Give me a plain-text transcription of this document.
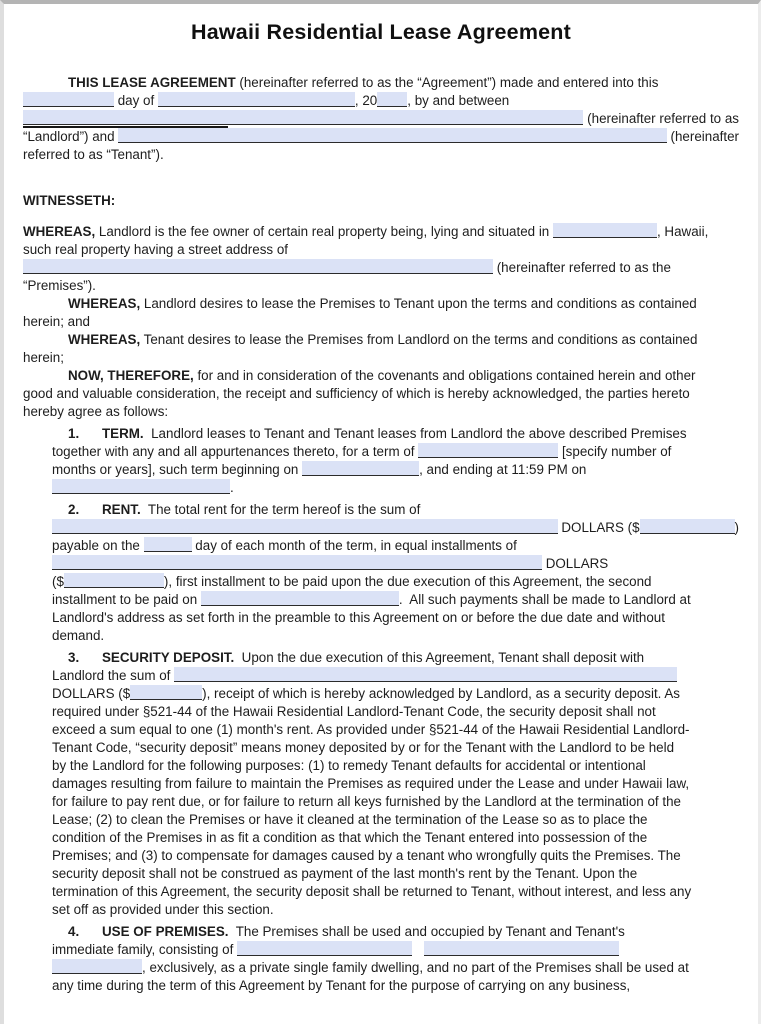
Hawaii Residential Lease Agreement
THIS LEASE AGREEMENT (hereinafter referred to as the “Agreement”) made and entered into this
day of	, 20 , by and between
(hereinafter referred to as
“Landlord”) and	(hereinafter
referred to as “Tenant”).
WITNESSETH:
WHEREAS, Landlord is the fee owner of certain real property being, lying and situated in	, Hawaii,
such real property having a street address of
(hereinafter referred to as the
“Premises”).
WHEREAS, Landlord desires to lease the Premises to Tenant upon the terms and conditions as contained
herein; and
WHEREAS, Tenant desires to lease the Premises from Landlord on the terms and conditions as contained
herein;
NOW, THEREFORE, for and in consideration of the covenants and obligations contained herein and other
good and valuable consideration, the receipt and sufficiency of which is hereby acknowledged, the parties hereto
hereby agree as follows:
1.	TERM. Landlord leases to Tenant and Tenant leases from Landlord the above described Premises
together with any and all appurtenances thereto, for a term of	[specify number of
months or years], such term beginning on	, and ending at 11:59 PM on
.
2.	RENT. The total rent for the term hereof is the sum of
DOLLARS ($	)
payable on the	day of each month of the term, in equal installments of
DOLLARS
($	), first installment to be paid upon the due execution of this Agreement, the second
installment to be paid on	.  All such payments shall be made to Landlord at
Landlord's address as set forth in the preamble to this Agreement on or before the due date and without
demand.
3.	SECURITY DEPOSIT. Upon the due execution of this Agreement, Tenant shall deposit with
Landlord the sum of
DOLLARS ($	), receipt of which is hereby acknowledged by Landlord, as a security deposit. As
required under §521-44 of the Hawaii Residential Landlord-Tenant Code, the security deposit shall not
exceed a sum equal to one (1) month's rent. As provided under §521-44 of the Hawaii Residential Landlord-
Tenant Code, “security deposit” means money deposited by or for the Tenant with the Landlord to be held
by the Landlord for the following purposes: (1) to remedy Tenant defaults for accidental or intentional
damages resulting from failure to maintain the Premises as required under the Lease and under Hawaii law,
for failure to pay rent due, or for failure to return all keys furnished by the Landlord at the termination of the
Lease; (2) to clean the Premises or have it cleaned at the termination of the Lease so as to place the
condition of the Premises in as fit a condition as that which the Tenant entered into possession of the
Premises; and (3) to compensate for damages caused by a tenant who wrongfully quits the Premises. The
security deposit shall not be construed as payment of the last month's rent by the Tenant. Upon the
termination of this Agreement, the security deposit shall be returned to Tenant, without interest, and less any
set off as provided under this section.
4.	USE OF PREMISES. The Premises shall be used and occupied by Tenant and Tenant's
immediate family, consisting of
, exclusively, as a private single family dwelling, and no part of the Premises shall be used at
any time during the term of this Agreement by Tenant for the purpose of carrying on any business,
